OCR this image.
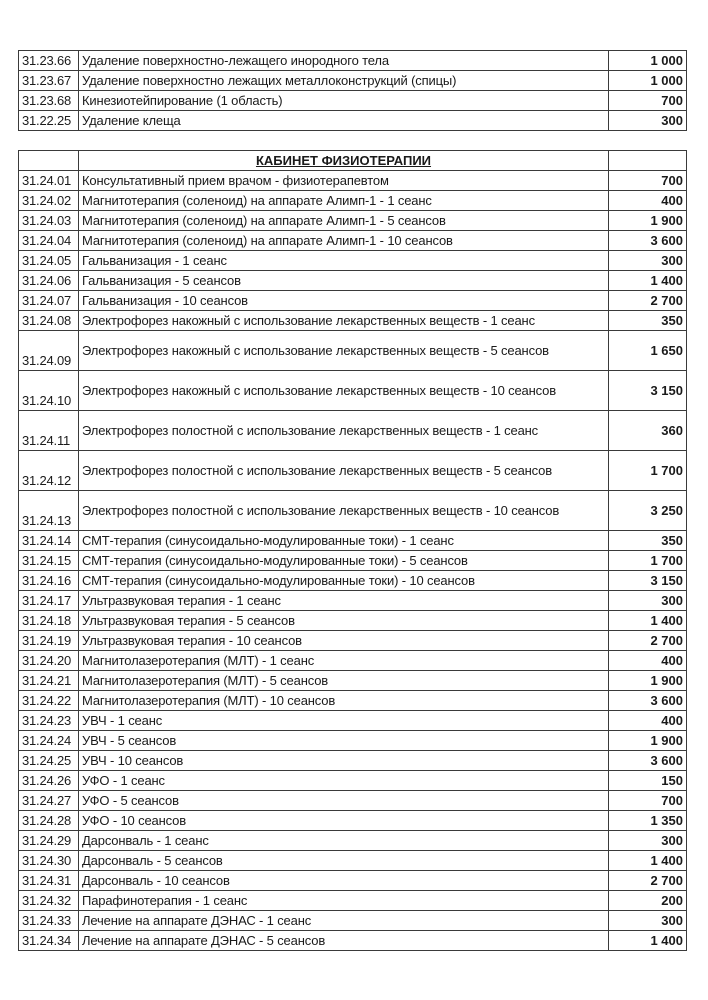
31.23.66	Удаление поверхностно-лежащего инородного тела	1 000
31.23.67	Удаление поверхностно лежащих металлоконструкций (спицы)	1 000
31.23.68	Кинезиотейпирование (1 область)	700
31.22.25	Удаление клеща	300
	КАБИНЕТ ФИЗИОТЕРАПИИ	
31.24.01	Консультативный прием врачом - физиотерапевтом	700
31.24.02	Магнитотерапия (соленоид) на аппарате Алимп-1 - 1 сеанс	400
31.24.03	Магнитотерапия (соленоид) на аппарате Алимп-1 - 5 сеансов	1 900
31.24.04	Магнитотерапия (соленоид) на аппарате Алимп-1 - 10 сеансов	3 600
31.24.05	Гальванизация - 1 сеанс	300
31.24.06	Гальванизация - 5 сеансов	1 400
31.24.07	Гальванизация - 10 сеансов	2 700
31.24.08	Электрофорез накожный с использование лекарственных веществ - 1 сеанс	350
31.24.09	Электрофорез накожный с использование лекарственных веществ - 5 сеансов	1 650
31.24.10	Электрофорез накожный с использование лекарственных веществ - 10 сеансов	3 150
31.24.11	Электрофорез полостной с использование лекарственных веществ - 1 сеанс	360
31.24.12	Электрофорез полостной с использование лекарственных веществ - 5 сеансов	1 700
31.24.13	Электрофорез полостной с использование лекарственных веществ - 10 сеансов	3 250
31.24.14	СМТ-терапия (синусоидально-модулированные токи) - 1 сеанс	350
31.24.15	СМТ-терапия (синусоидально-модулированные токи) - 5 сеансов	1 700
31.24.16	СМТ-терапия (синусоидально-модулированные токи) - 10 сеансов	3 150
31.24.17	Ультразвуковая терапия - 1 сеанс	300
31.24.18	Ультразвуковая терапия - 5 сеансов	1 400
31.24.19	Ультразвуковая терапия - 10 сеансов	2 700
31.24.20	Магнитолазеротерапия (МЛТ) - 1 сеанс	400
31.24.21	Магнитолазеротерапия (МЛТ) - 5 сеансов	1 900
31.24.22	Магнитолазеротерапия (МЛТ) - 10 сеансов	3 600
31.24.23	УВЧ - 1 сеанс	400
31.24.24	УВЧ - 5 сеансов	1 900
31.24.25	УВЧ - 10 сеансов	3 600
31.24.26	УФО - 1 сеанс	150
31.24.27	УФО - 5 сеансов	700
31.24.28	УФО - 10 сеансов	1 350
31.24.29	Дарсонваль - 1 сеанс	300
31.24.30	Дарсонваль - 5 сеансов	1 400
31.24.31	Дарсонваль - 10 сеансов	2 700
31.24.32	Парафинотерапия - 1 сеанс	200
31.24.33	Лечение на аппарате ДЭНАС - 1 сеанс	300
31.24.34	Лечение на аппарате ДЭНАС - 5 сеансов	1 400
